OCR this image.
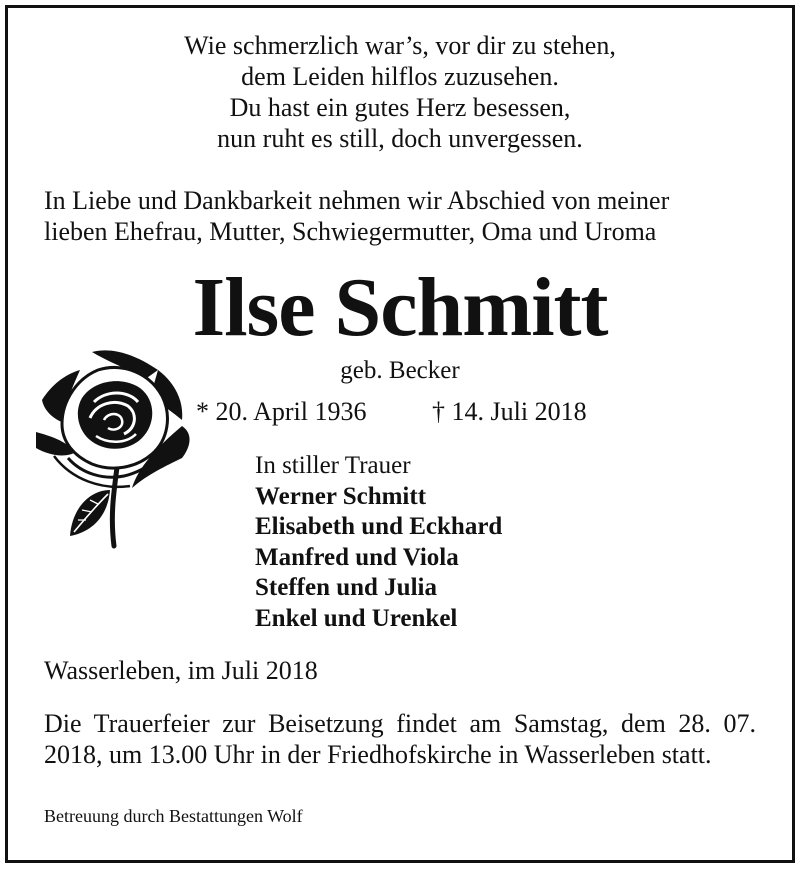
Wie schmerzlich war’s, vor dir zu stehen,
dem Leiden hilflos zuzusehen.
Du hast ein gutes Herz besessen,
nun ruht es still, doch unvergessen.
In Liebe und Dankbarkeit nehmen wir Abschied von meiner
lieben Ehefrau, Mutter, Schwiegermutter, Oma und Uroma
Ilse Schmitt
geb. Becker
* 20. April 1936	† 14. Juli 2018
In stiller Trauer
Werner Schmitt
Elisabeth und Eckhard
Manfred und Viola
Steffen und Julia
Enkel und Urenkel
Wasserleben, im Juli 2018
Die Trauerfeier zur Beisetzung findet am Samstag, dem 28. 07. 2018, um 13.00 Uhr in der Friedhofskirche in Wasserleben statt.
Betreuung durch Bestattungen Wolf
